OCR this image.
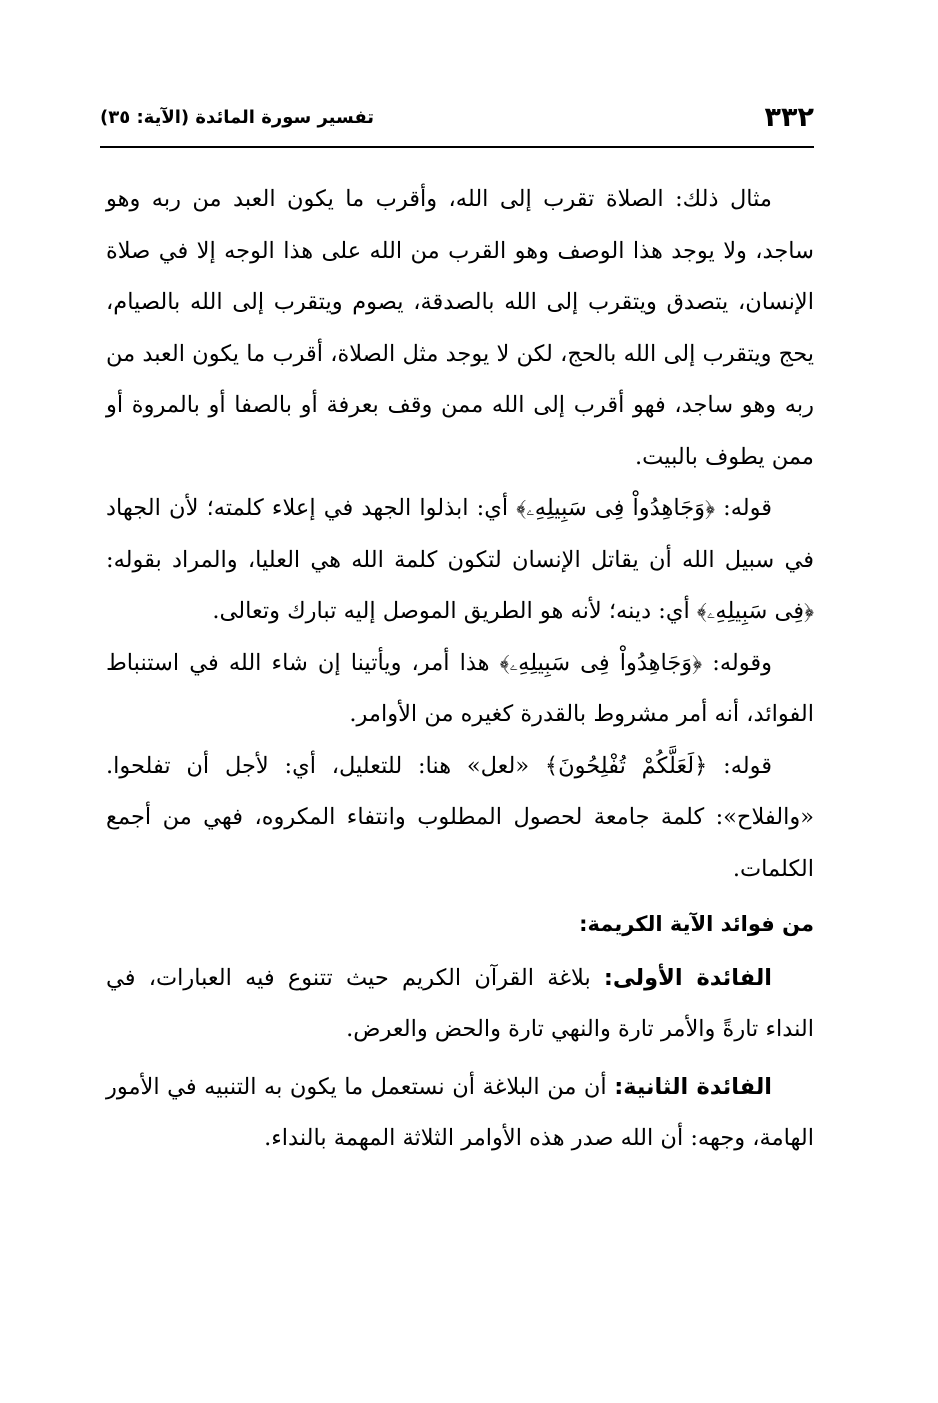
٣٣٢
تفسير سورة المائدة (الآية: ٣٥)

مثال ذلك: الصلاة تقرب إلى الله، وأقرب ما يكون العبد من ربه وهو ساجد، ولا يوجد هذا الوصف وهو القرب من الله على هذا الوجه إلا في صلاة الإنسان، يتصدق ويتقرب إلى الله بالصدقة، يصوم ويتقرب إلى الله بالصيام، يحج ويتقرب إلى الله بالحج، لكن لا يوجد مثل الصلاة، أقرب ما يكون العبد من ربه وهو ساجد، فهو أقرب إلى الله ممن وقف بعرفة أو بالصفا أو بالمروة أو ممن يطوف بالبيت.

قوله: ﴿وَجَاهِدُواْ فِى سَبِيلِهِۦ﴾ أي: ابذلوا الجهد في إعلاء كلمته؛ لأن الجهاد في سبيل الله أن يقاتل الإنسان لتكون كلمة الله هي العليا، والمراد بقوله: ﴿فِى سَبِيلِهِۦ﴾ أي: دينه؛ لأنه هو الطريق الموصل إليه تبارك وتعالى.

وقوله: ﴿وَجَاهِدُواْ فِى سَبِيلِهِۦ﴾ هذا أمر، ويأتينا إن شاء الله في استنباط الفوائد، أنه أمر مشروط بالقدرة كغيره من الأوامر.

قوله: ﴿لَعَلَّكُمْ تُفْلِحُونَ﴾ «لعل» هنا: للتعليل، أي: لأجل أن تفلحوا. «والفلاح»: كلمة جامعة لحصول المطلوب وانتفاء المكروه، فهي من أجمع الكلمات.

من فوائد الآية الكريمة:

الفائدة الأولى: بلاغة القرآن الكريم حيث تتنوع فيه العبارات، في النداء تارةً والأمر تارة والنهي تارة والحض والعرض.

الفائدة الثانية: أن من البلاغة أن نستعمل ما يكون به التنبيه في الأمور الهامة، وجهه: أن الله صدر هذه الأوامر الثلاثة المهمة بالنداء.
